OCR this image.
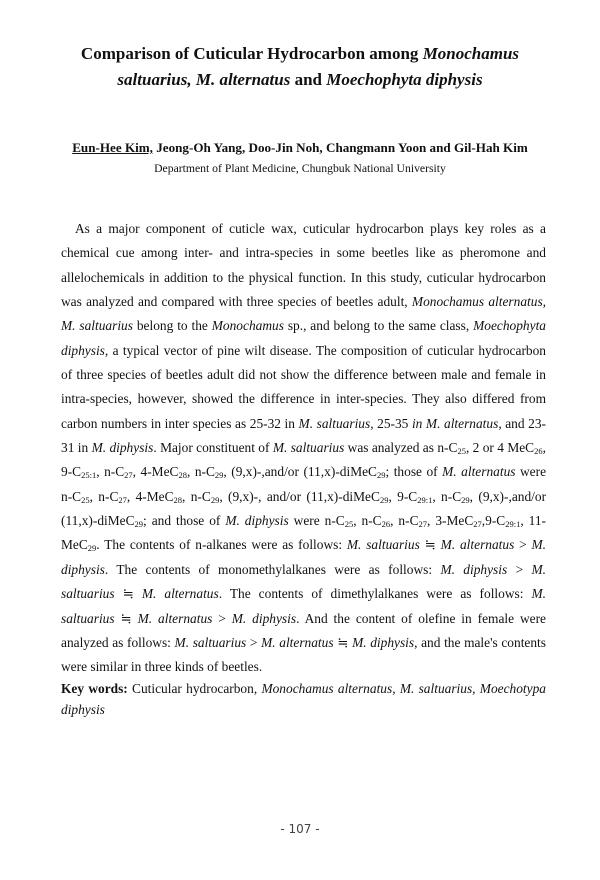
Comparison of Cuticular Hydrocarbon among Monochamus
saltuarius, M. alternatus and Moechophyta diphysis
Eun-Hee Kim, Jeong-Oh Yang, Doo-Jin Noh, Changmann Yoon and Gil-Hah Kim
Department of Plant Medicine, Chungbuk National University

As a major component of cuticle wax, cuticular hydrocarbon plays key roles as a chemical cue among inter- and intra-species in some beetles like as pheromone and allelochemicals in addition to the physical function. In this study, cuticular hydrocarbon was analyzed and compared with three species of beetles adult, Monochamus alternatus, M. saltuarius belong to the Monochamus sp., and belong to the same class, Moechophyta diphysis, a typical vector of pine wilt disease. The composition of cuticular hydrocarbon of three species of beetles adult did not show the difference between male and female in intra-species, however, showed the difference in inter-species. They also differed from carbon numbers in inter species as 25-32 in M. saltuarius, 25-35 in M. alternatus, and 23-31 in M. diphysis. Major constituent of M. saltuarius was analyzed as $n-C_{25}$, 2 or 4 MeC$_{26}$, $9-C_{25:1}$, $n-C_{27}$, 4-MeC$_{28}$, $n-C_{29}$, (9,x)-,and/or (11,x)-diMeC$_{29}$; those of M. alternatus were $n-C_{25}$, $n-C_{27}$, 4-MeC$_{28}$, $n-C_{29}$, (9,x)-, and/or (11,x)-diMeC$_{29}$, $9-C_{29:1}$, $n-C_{29}$, (9,x)-,and/or (11,x)-diMeC$_{29}$; and those of M. diphysis were $n-C_{25}$, $n-C_{26}$, $n-C_{27}$, $3-MeC_{27},9-C_{29:1}$, 11-MeC$_{29}$. The contents of n-alkanes were as follows: M. saltuarius ≒ M. alternatus > M. diphysis. The contents of monomethylalkanes were as follows: M. diphysis > M. saltuarius ≒ M. alternatus. The contents of dimethylalkanes were as follows: M. saltuarius ≒ M. alternatus > M. diphysis. And the content of olefine in female were analyzed as follows: M. saltuarius > M. alternatus ≒ M. diphysis, and the male's contents were similar in three kinds of beetles.

Key words: Cuticular hydrocarbon, Monochamus alternatus, M. saltuarius, Moechotypa diphysis

- 107 -
